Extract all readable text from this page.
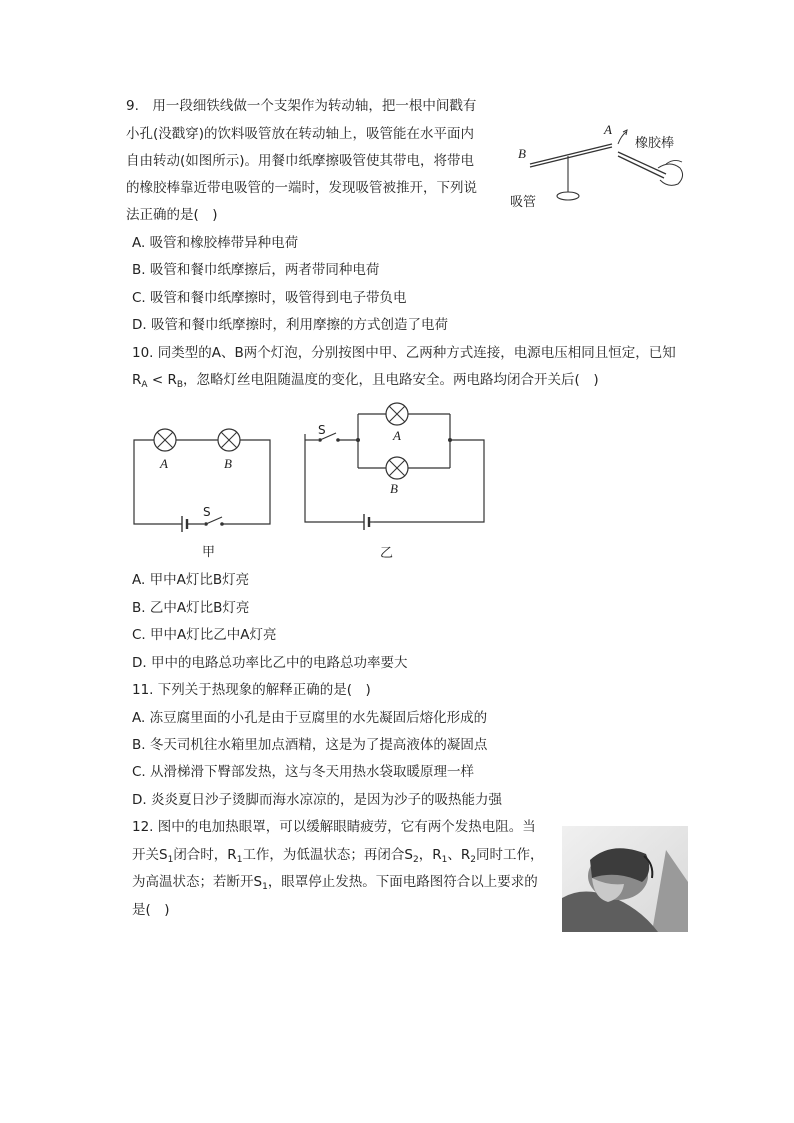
9.　用一段细铁线做一个支架作为转动轴，把一根中间戳有
小孔(没戳穿)的饮料吸管放在转动轴上，吸管能在水平面内
自由转动(如图所示)。用餐巾纸摩擦吸管使其带电，将带电
的橡胶棒靠近带电吸管的一端时，发现吸管被推开，下列说
法正确的是(　)
A. 吸管和橡胶棒带异种电荷
B. 吸管和餐巾纸摩擦后，两者带同种电荷
C. 吸管和餐巾纸摩擦时，吸管得到电子带负电
D. 吸管和餐巾纸摩擦时，利用摩擦的方式创造了电荷
B
A
橡胶棒
吸管
10. 同类型的A、B两个灯泡，分别按图中甲、乙两种方式连接，电源电压相同且恒定，已知
$R_A < R_B$，忽略灯丝电阻随温度的变化，且电路安全。两电路均闭合开关后(　)
A	B
S
甲
S	A
B
乙
A. 甲中A灯比B灯亮
B. 乙中A灯比B灯亮
C. 甲中A灯比乙中A灯亮
D. 甲中的电路总功率比乙中的电路总功率要大
11. 下列关于热现象的解释正确的是(　)
A. 冻豆腐里面的小孔是由于豆腐里的水先凝固后熔化形成的
B. 冬天司机往水箱里加点酒精，这是为了提高液体的凝固点
C. 从滑梯滑下臀部发热，这与冬天用热水袋取暖原理一样
D. 炎炎夏日沙子烫脚而海水凉凉的，是因为沙子的吸热能力强
12. 图中的电加热眼罩，可以缓解眼睛疲劳，它有两个发热电阻。当
开关$S_1$闭合时，$R_1$工作，为低温状态；再闭合$S_2$，$R_1$、$R_2$同时工作，
为高温状态；若断开$S_1$，眼罩停止发热。下面电路图符合以上要求的
是(　)
